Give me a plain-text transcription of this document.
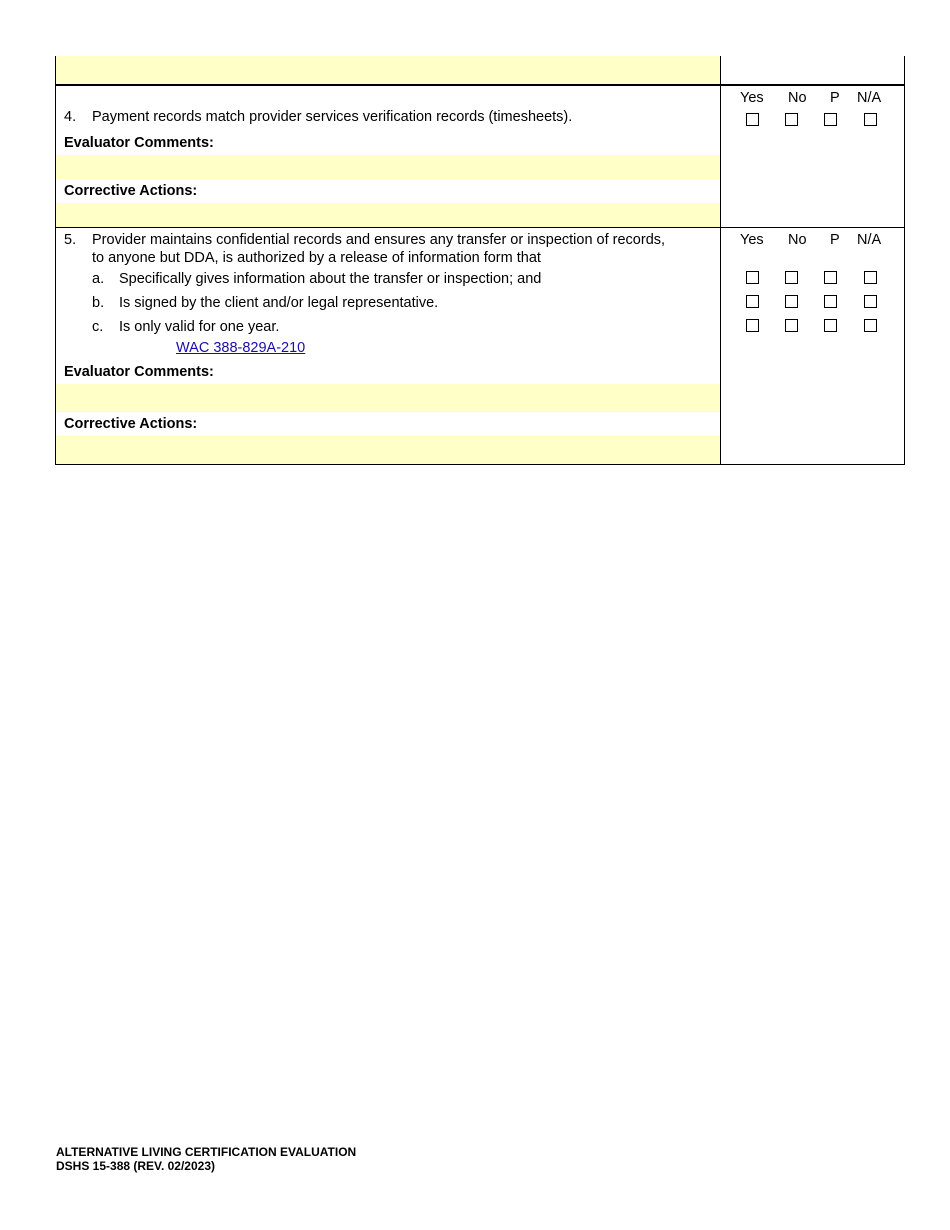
4. Payment records match provider services verification records (timesheets).
Evaluator Comments:
Corrective Actions:
Yes No P N/A
5. Provider maintains confidential records and ensures any transfer or inspection of records,
to anyone but DDA, is authorized by a release of information form that
a. Specifically gives information about the transfer or inspection; and
b. Is signed by the client and/or legal representative.
c. Is only valid for one year.
WAC 388-829A-210
Evaluator Comments:
Corrective Actions:
Yes No P N/A
ALTERNATIVE LIVING CERTIFICATION EVALUATION
DSHS 15-388 (REV. 02/2023)
